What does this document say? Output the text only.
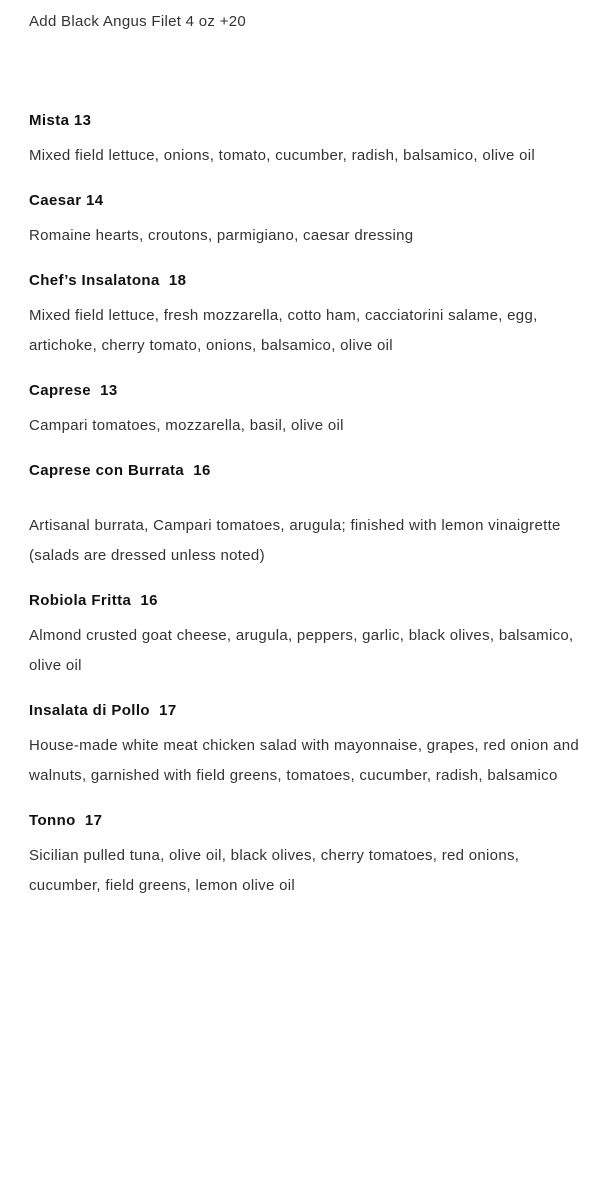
Add Black Angus Filet 4 oz +20
Mista 13
Mixed field lettuce, onions, tomato, cucumber, radish, balsamico, olive oil
Caesar 14
Romaine hearts, croutons, parmigiano, caesar dressing
Chef’s Insalatona  18
Mixed field lettuce, fresh mozzarella, cotto ham, cacciatorini salame, egg, artichoke, cherry tomato, onions, balsamico, olive oil
Caprese  13
Campari tomatoes, mozzarella, basil, olive oil
Caprese con Burrata  16
Artisanal burrata, Campari tomatoes, arugula; finished with lemon vinaigrette (salads are dressed unless noted)
Robiola Fritta  16
Almond crusted goat cheese, arugula, peppers, garlic, black olives, balsamico, olive oil
Insalata di Pollo  17
House-made white meat chicken salad with mayonnaise, grapes, red onion and walnuts, garnished with field greens, tomatoes, cucumber, radish, balsamico
Tonno  17
Sicilian pulled tuna, olive oil, black olives, cherry tomatoes, red onions, cucumber, field greens, lemon olive oil
